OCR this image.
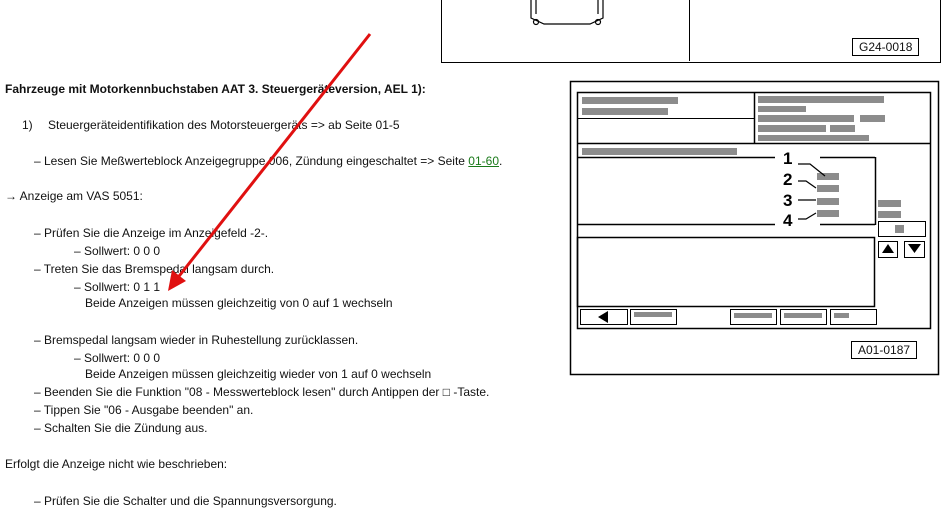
G24-0018
Fahrzeuge mit Motorkennbuchstaben AAT 3. Steuergeräteversion, AEL 1):
1) Steuergeräteidentifikation des Motorsteuergeräts => ab Seite 01-5
– Lesen Sie Meßwerteblock Anzeigegruppe 006, Zündung eingeschaltet => Seite 01-60.
→ Anzeige am VAS 5051:
– Prüfen Sie die Anzeige im Anzeigefeld -2-.
– Sollwert: 0 0 0
– Treten Sie das Bremspedal langsam durch.
– Sollwert: 0 1 1
Beide Anzeigen müssen gleichzeitig von 0 auf 1 wechseln
– Bremspedal langsam wieder in Ruhestellung zurücklassen.
– Sollwert: 0 0 0
Beide Anzeigen müssen gleichzeitig wieder von 1 auf 0 wechseln
– Beenden Sie die Funktion "08 - Messwerteblock lesen" durch Antippen der □ -Taste.
– Tippen Sie "06 - Ausgabe beenden" an.
– Schalten Sie die Zündung aus.
Erfolgt die Anzeige nicht wie beschrieben:
– Prüfen Sie die Schalter und die Spannungsversorgung.
1
2
3
4
A01-0187
